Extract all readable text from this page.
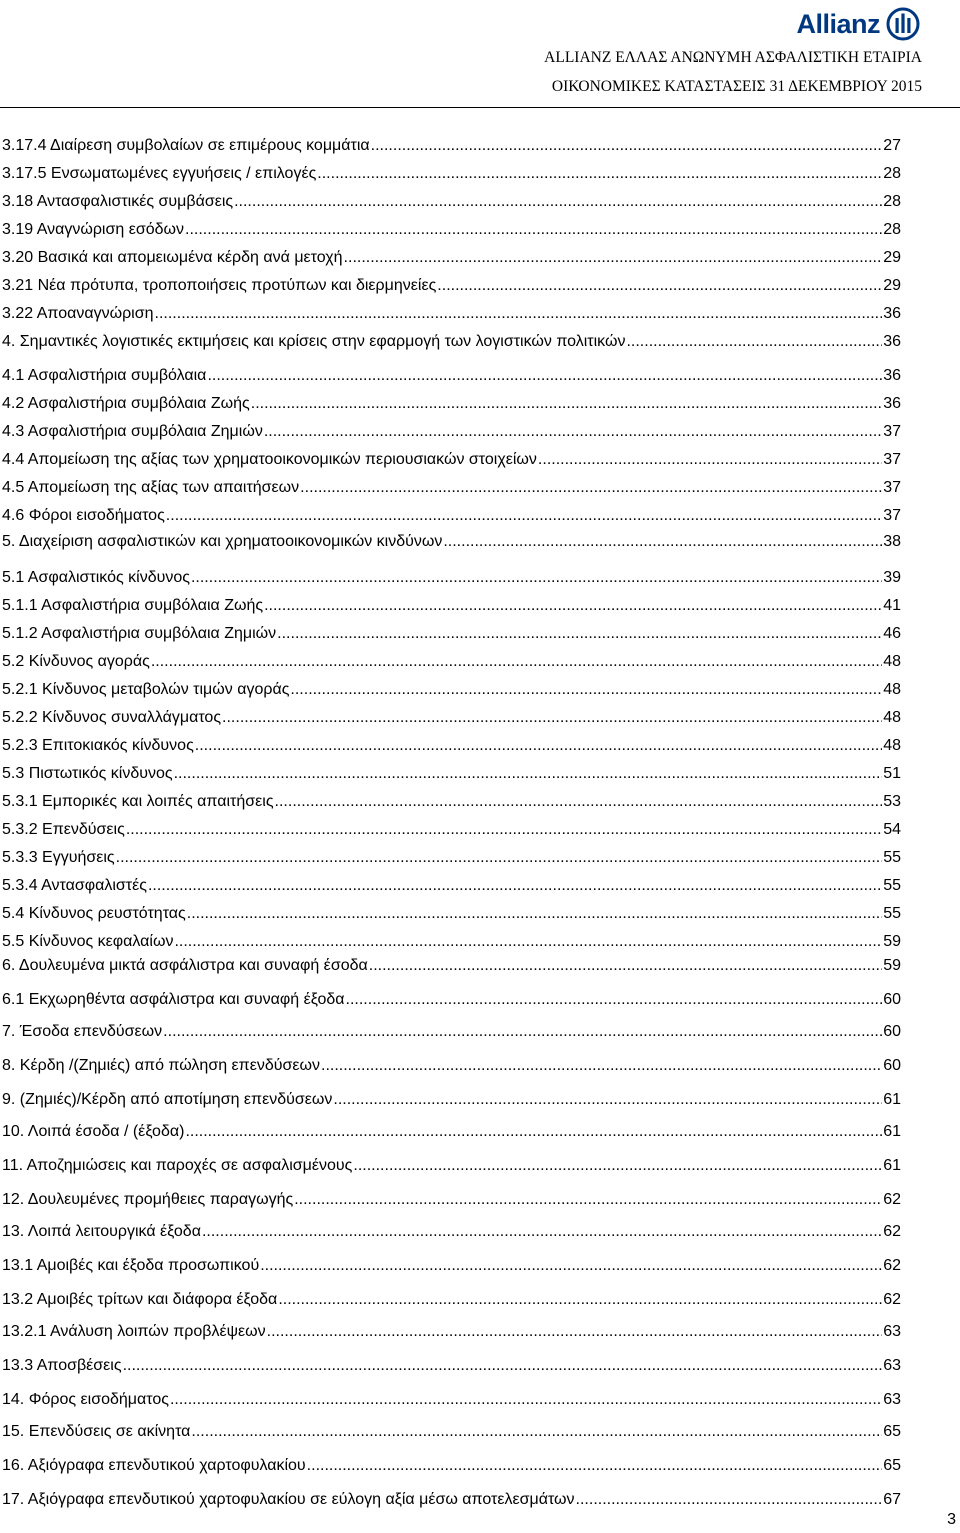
Allianz
ALLIANZ ΕΛΛΑΣ ΑΝΩΝΥΜΗ ΑΣΦΑΛΙΣΤΙΚΗ ΕΤΑΙΡΙΑ
ΟΙΚΟΝΟΜΙΚΕΣ ΚΑΤΑΣΤΑΣΕΙΣ 31 ΔΕΚΕΜΒΡΙΟΥ 2015
3.17.4 Διαίρεση συμβολαίων σε επιμέρους κομμάτια .....	27
3.17.5 Ενσωματωμένες εγγυήσεις / επιλογές .....	28
3.18 Αντασφαλιστικές συμβάσεις .....	28
3.19 Αναγνώριση εσόδων .....	28
3.20 Βασικά και απομειωμένα κέρδη ανά μετοχή .....	29
3.21 Νέα πρότυπα, τροποποιήσεις προτύπων και διερμηνείες .....	29
3.22 Αποαναγνώριση .....	36
4. Σημαντικές λογιστικές εκτιμήσεις και κρίσεις στην εφαρμογή των λογιστικών πολιτικών .....	36
4.1 Ασφαλιστήρια συμβόλαια .....	36
4.2 Ασφαλιστήρια συμβόλαια Ζωής .....	36
4.3 Ασφαλιστήρια συμβόλαια Ζημιών .....	37
4.4 Απομείωση της αξίας των χρηματοοικονομικών περιουσιακών στοιχείων .....	37
4.5 Απομείωση της αξίας των απαιτήσεων .....	37
4.6 Φόροι εισοδήματος .....	37
5. Διαχείριση ασφαλιστικών και χρηματοοικονομικών κινδύνων .....	38
5.1 Ασφαλιστικός κίνδυνος .....	39
5.1.1 Ασφαλιστήρια συμβόλαια Ζωής .....	41
5.1.2 Ασφαλιστήρια συμβόλαια Ζημιών .....	46
5.2 Κίνδυνος αγοράς .....	48
5.2.1 Κίνδυνος μεταβολών τιμών αγοράς .....	48
5.2.2 Κίνδυνος συναλλάγματος .....	48
5.2.3 Επιτοκιακός κίνδυνος .....	48
5.3 Πιστωτικός κίνδυνος .....	51
5.3.1 Εμπορικές και λοιπές απαιτήσεις .....	53
5.3.2 Επενδύσεις .....	54
5.3.3 Εγγυήσεις .....	55
5.3.4 Αντασφαλιστές .....	55
5.4 Κίνδυνος ρευστότητας .....	55
5.5 Κίνδυνος κεφαλαίων .....	59
6. Δουλευμένα μικτά ασφάλιστρα και συναφή έσοδα .....	59
6.1 Εκχωρηθέντα ασφάλιστρα και συναφή έξοδα .....	60
7. Έσοδα επενδύσεων .....	60
8. Κέρδη /(Ζημιές) από πώληση επενδύσεων .....	60
9. (Ζημιές)/Κέρδη από αποτίμηση επενδύσεων .....	61
10. Λοιπά έσοδα / (έξοδα) .....	61
11. Αποζημιώσεις και παροχές σε ασφαλισμένους .....	61
12. Δουλευμένες προμήθειες παραγωγής .....	62
13. Λοιπά λειτουργικά έξοδα .....	62
13.1 Αμοιβές και έξοδα προσωπικού .....	62
13.2 Αμοιβές τρίτων και διάφορα έξοδα .....	62
13.2.1 Ανάλυση λοιπών προβλέψεων .....	63
13.3 Αποσβέσεις .....	63
14. Φόρος εισοδήματος .....	63
15. Επενδύσεις σε ακίνητα .....	65
16. Αξιόγραφα επενδυτικού χαρτοφυλακίου .....	65
17. Αξιόγραφα επενδυτικού χαρτοφυλακίου σε εύλογη αξία μέσω αποτελεσμάτων .....	67
3
